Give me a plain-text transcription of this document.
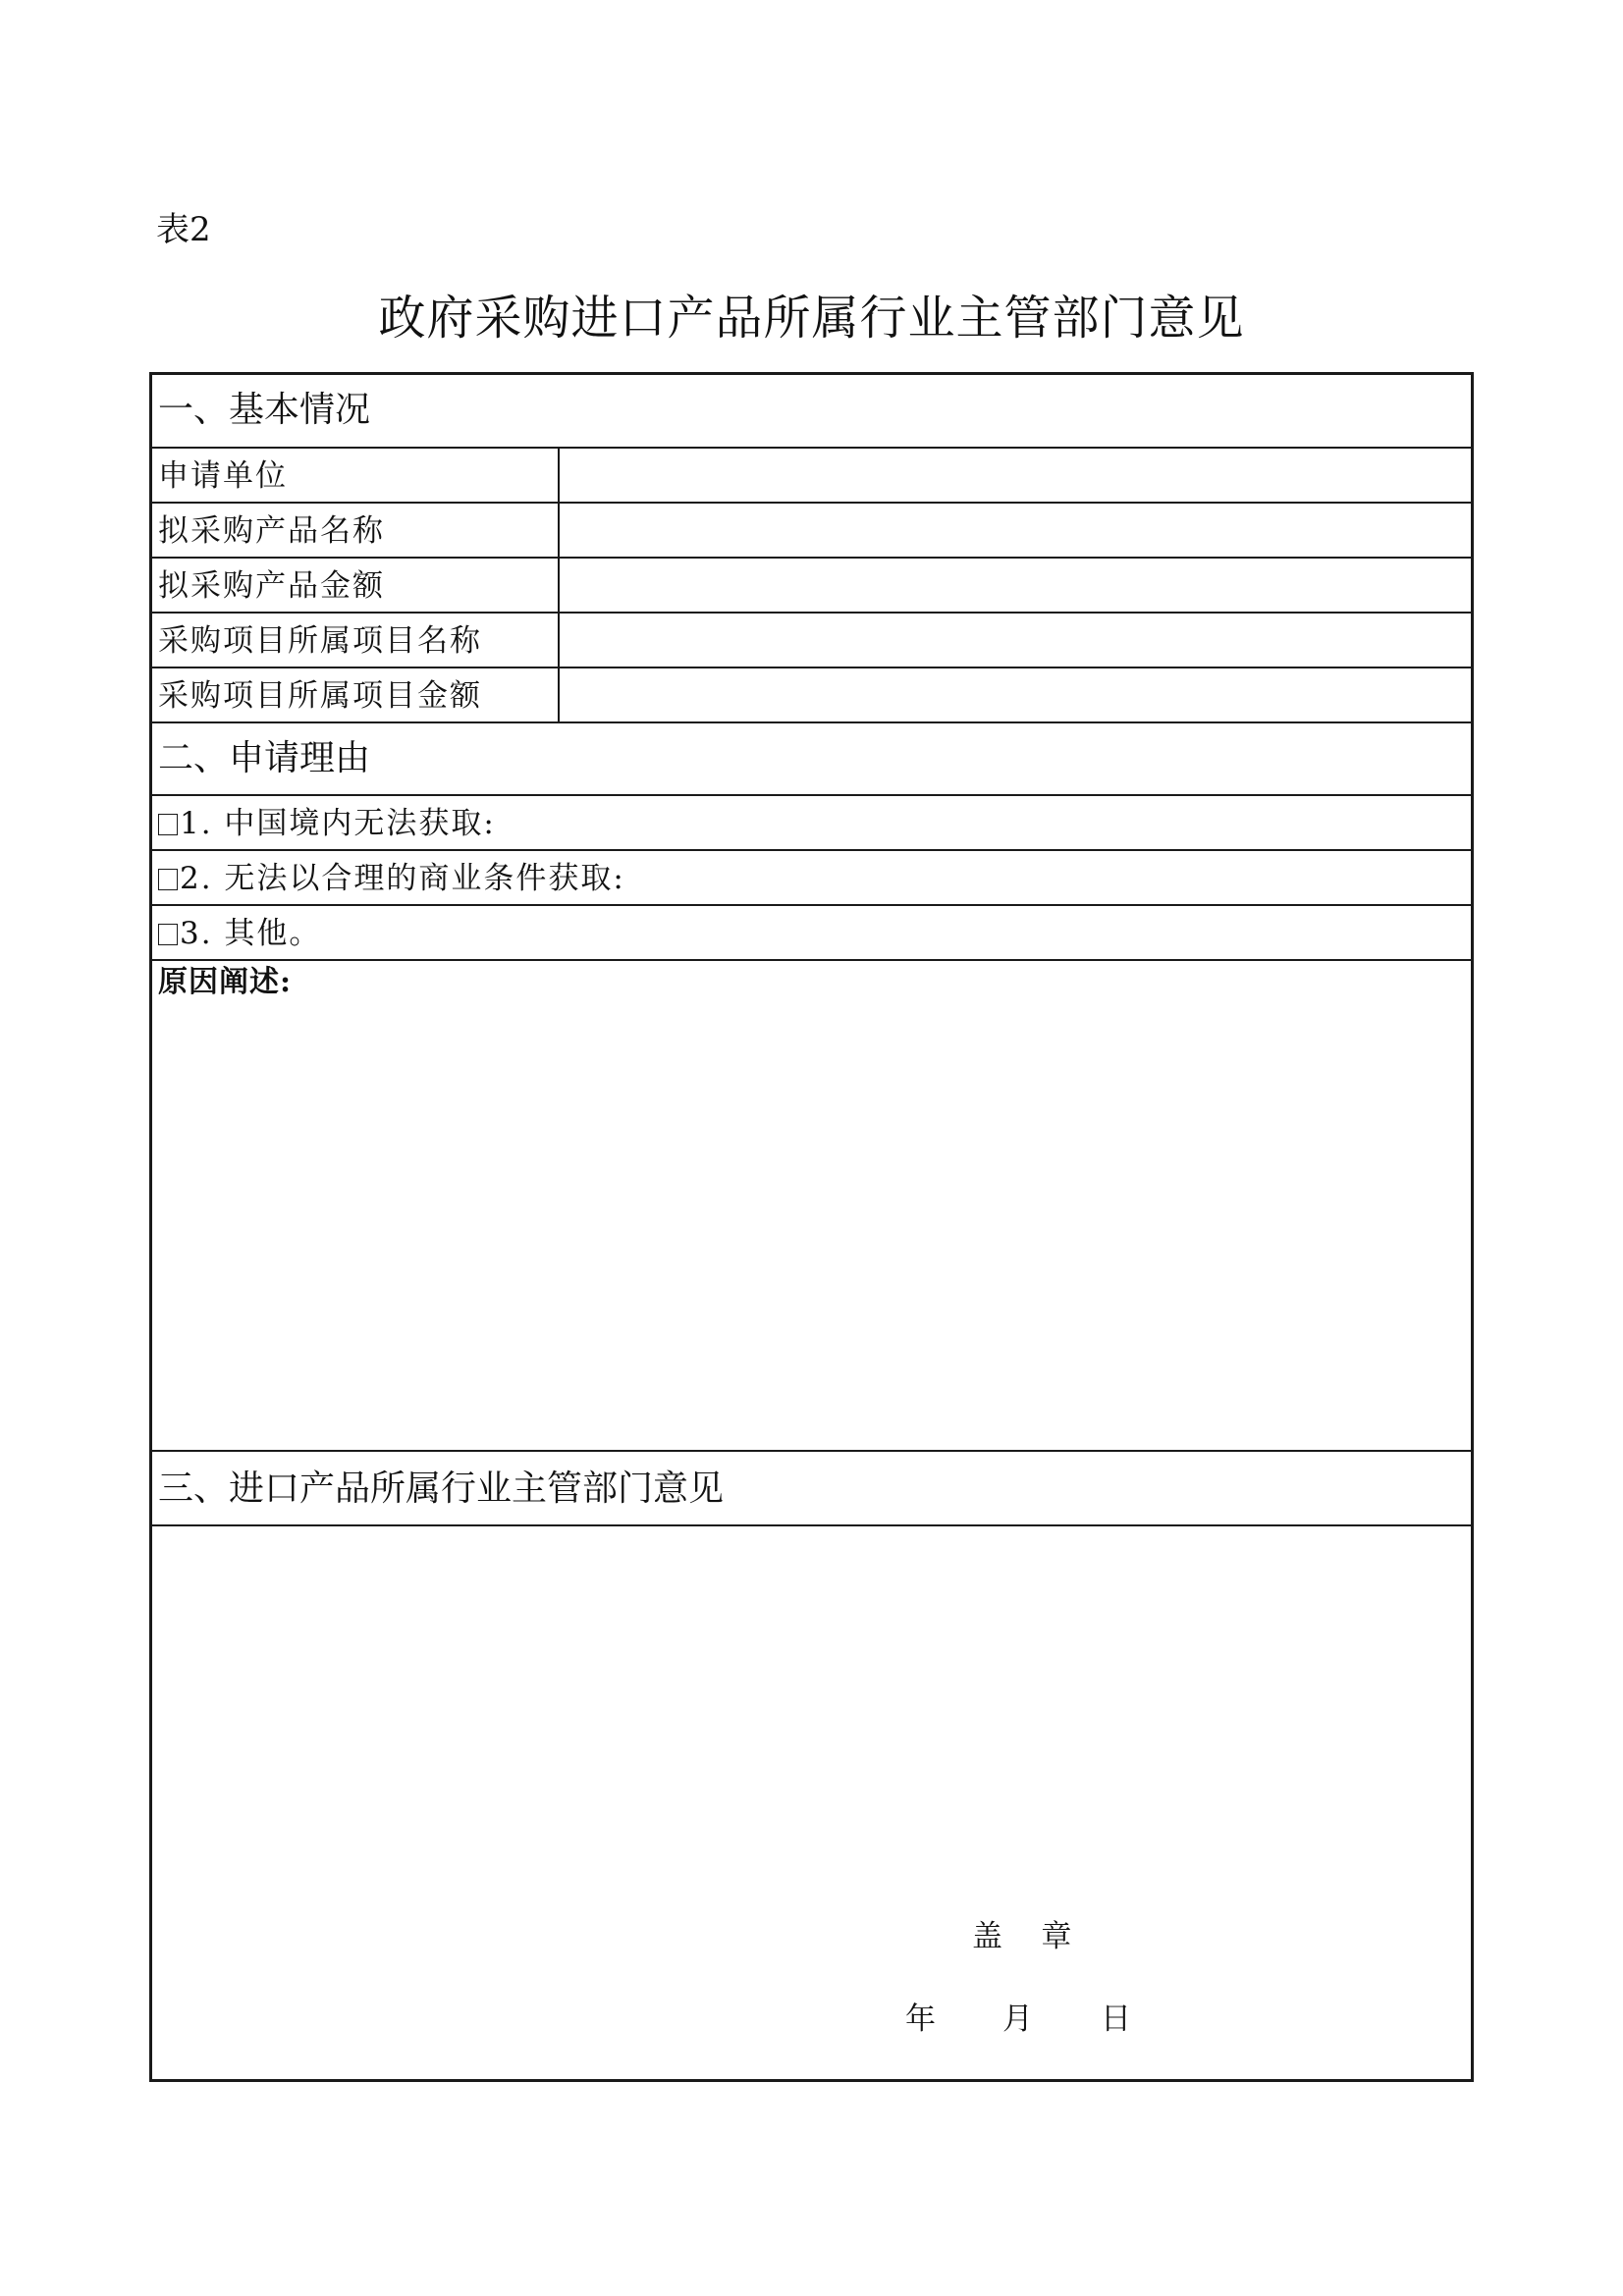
表2
政府采购进口产品所属行业主管部门意见
一、基本情况
申请单位
拟采购产品名称
拟采购产品金额
采购项目所属项目名称
采购项目所属项目金额
二、申请理由
1. 中国境内无法获取:
2. 无法以合理的商业条件获取:
3. 其他。
原因阐述:
三、进口产品所属行业主管部门意见
盖    章
年 月 日
